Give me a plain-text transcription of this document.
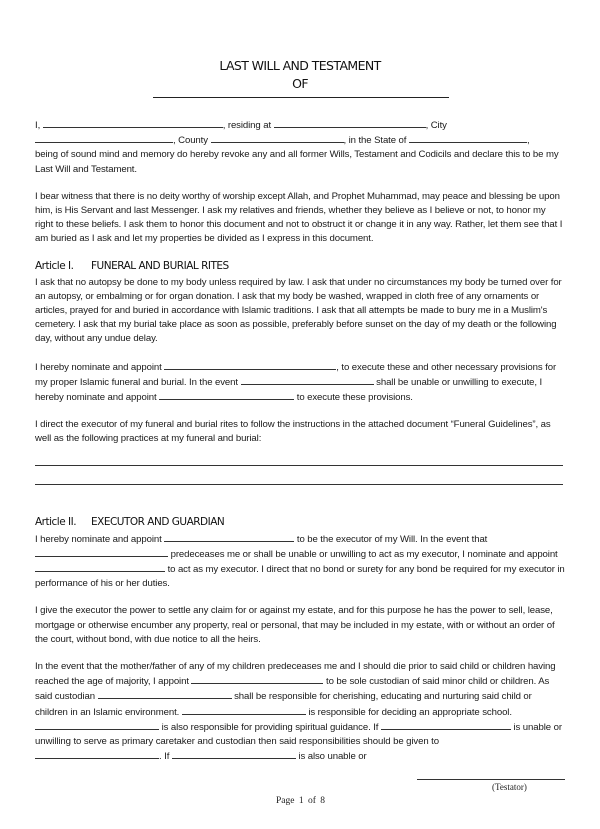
LAST WILL AND TESTAMENT
OF

I,	, residing at	, City
, County	, in the State of	,
being of sound mind and memory do hereby revoke any and all former Wills, Testament and Codicils and declare this to be my Last Will and Testament.

I bear witness that there is no deity worthy of worship except Allah, and Prophet Muhammad, may peace and blessing be upon him, is His Servant and last Messenger. I ask my relatives and friends, whether they believe as I believe or not, to honor my right to these beliefs. I ask them to honor this document and not to obstruct it or change it in any way. Rather, let them see that I am buried as I ask and let my properties be divided as I express in this document.

Article I. FUNERAL AND BURIAL RITES

I ask that no autopsy be done to my body unless required by law. I ask that under no circumstances my body be turned over for an autopsy, or embalming or for organ donation. I ask that my body be washed, wrapped in cloth free of any ornaments or articles, prayed for and buried in accordance with Islamic traditions. I ask that all attempts be made to bury me in a Muslim's cemetery. I ask that my burial take place as soon as possible, preferably before sunset on the day of my death or the following day, without any undue delay.

I hereby nominate and appoint	, to execute these and other necessary provisions for my proper Islamic funeral and burial. In the event	shall be unable or unwilling to execute, I hereby nominate and appoint	to execute these provisions.

I direct the executor of my funeral and burial rites to follow the instructions in the attached document “Funeral Guidelines”, as well as the following practices at my funeral and burial:

Article II. EXECUTOR AND GUARDIAN

I hereby nominate and appoint	to be the executor of my Will. In the event that  predeceases me or shall be unable or unwilling to act as my executor, I nominate and appoint  to act as my executor. I direct that no bond or surety for any bond be required for my executor in performance of his or her duties.

I give the executor the power to settle any claim for or against my estate, and for this purpose he has the power to sell, lease, mortgage or otherwise encumber any property, real or personal, that may be included in my estate, with or without an order of the court, without bond, with due notice to all the heirs.

In the event that the mother/father of any of my children predeceases me and I should die prior to said child or children having reached the age of majority, I appoint	to be sole custodian of said minor child or children. As said custodian	shall be responsible for cherishing, educating and nurturing said child or children in an Islamic environment.	is responsible for deciding an appropriate school.  is also responsible for providing spiritual guidance. If	is unable or unwilling to serve as primary caretaker and custodian then said responsibilities should be given to . If	is also unable or

(Testator)
Page 1 of 8
